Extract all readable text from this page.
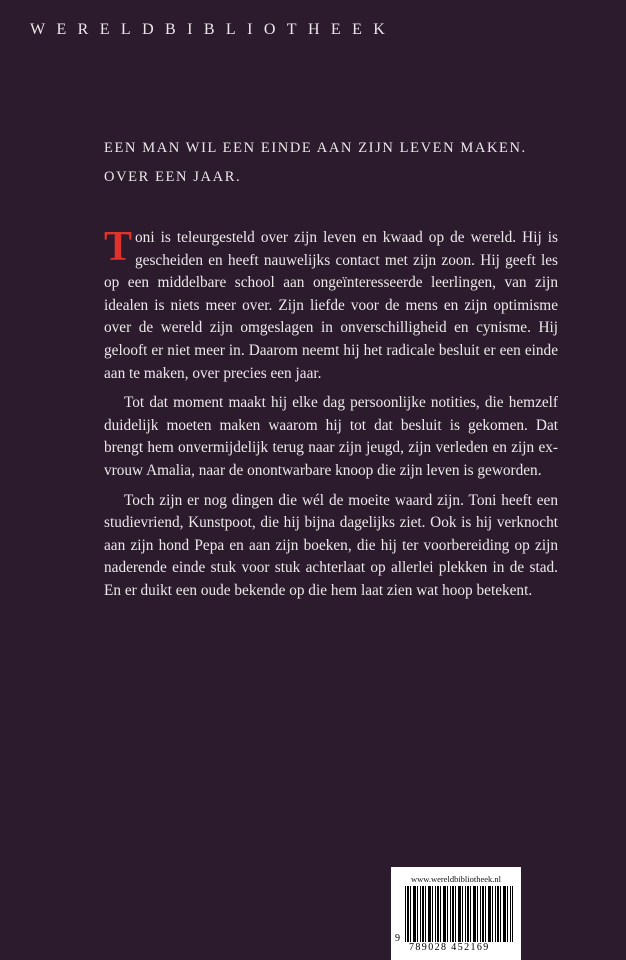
WERELDBIBLIOTHEEK
EEN MAN WIL EEN EINDE AAN ZIJN LEVEN MAKEN.
OVER EEN JAAR.
Toni is teleurgesteld over zijn leven en kwaad op de wereld. Hij is gescheiden en heeft nauwelijks contact met zijn zoon. Hij geeft les op een middelbare school aan ongeïnteresseerde leerlingen, van zijn idealen is niets meer over. Zijn liefde voor de mens en zijn optimisme over de wereld zijn omgeslagen in onverschilligheid en cynisme. Hij gelooft er niet meer in. Daarom neemt hij het radicale besluit er een einde aan te maken, over precies een jaar.
Tot dat moment maakt hij elke dag persoonlijke notities, die hemzelf duidelijk moeten maken waarom hij tot dat besluit is gekomen. Dat brengt hem onvermijdelijk terug naar zijn jeugd, zijn verleden en zijn ex-vrouw Amalia, naar de onontwarbare knoop die zijn leven is geworden.
Toch zijn er nog dingen die wél de moeite waard zijn. Toni heeft een studievriend, Kunstpoot, die hij bijna dagelijks ziet. Ook is hij verknocht aan zijn hond Pepa en aan zijn boeken, die hij ter voorbereiding op zijn naderende einde stuk voor stuk achterlaat op allerlei plekken in de stad. En er duikt een oude bekende op die hem laat zien wat hoop betekent.
www.wereldbibliotheek.nl
9
789028 452169
